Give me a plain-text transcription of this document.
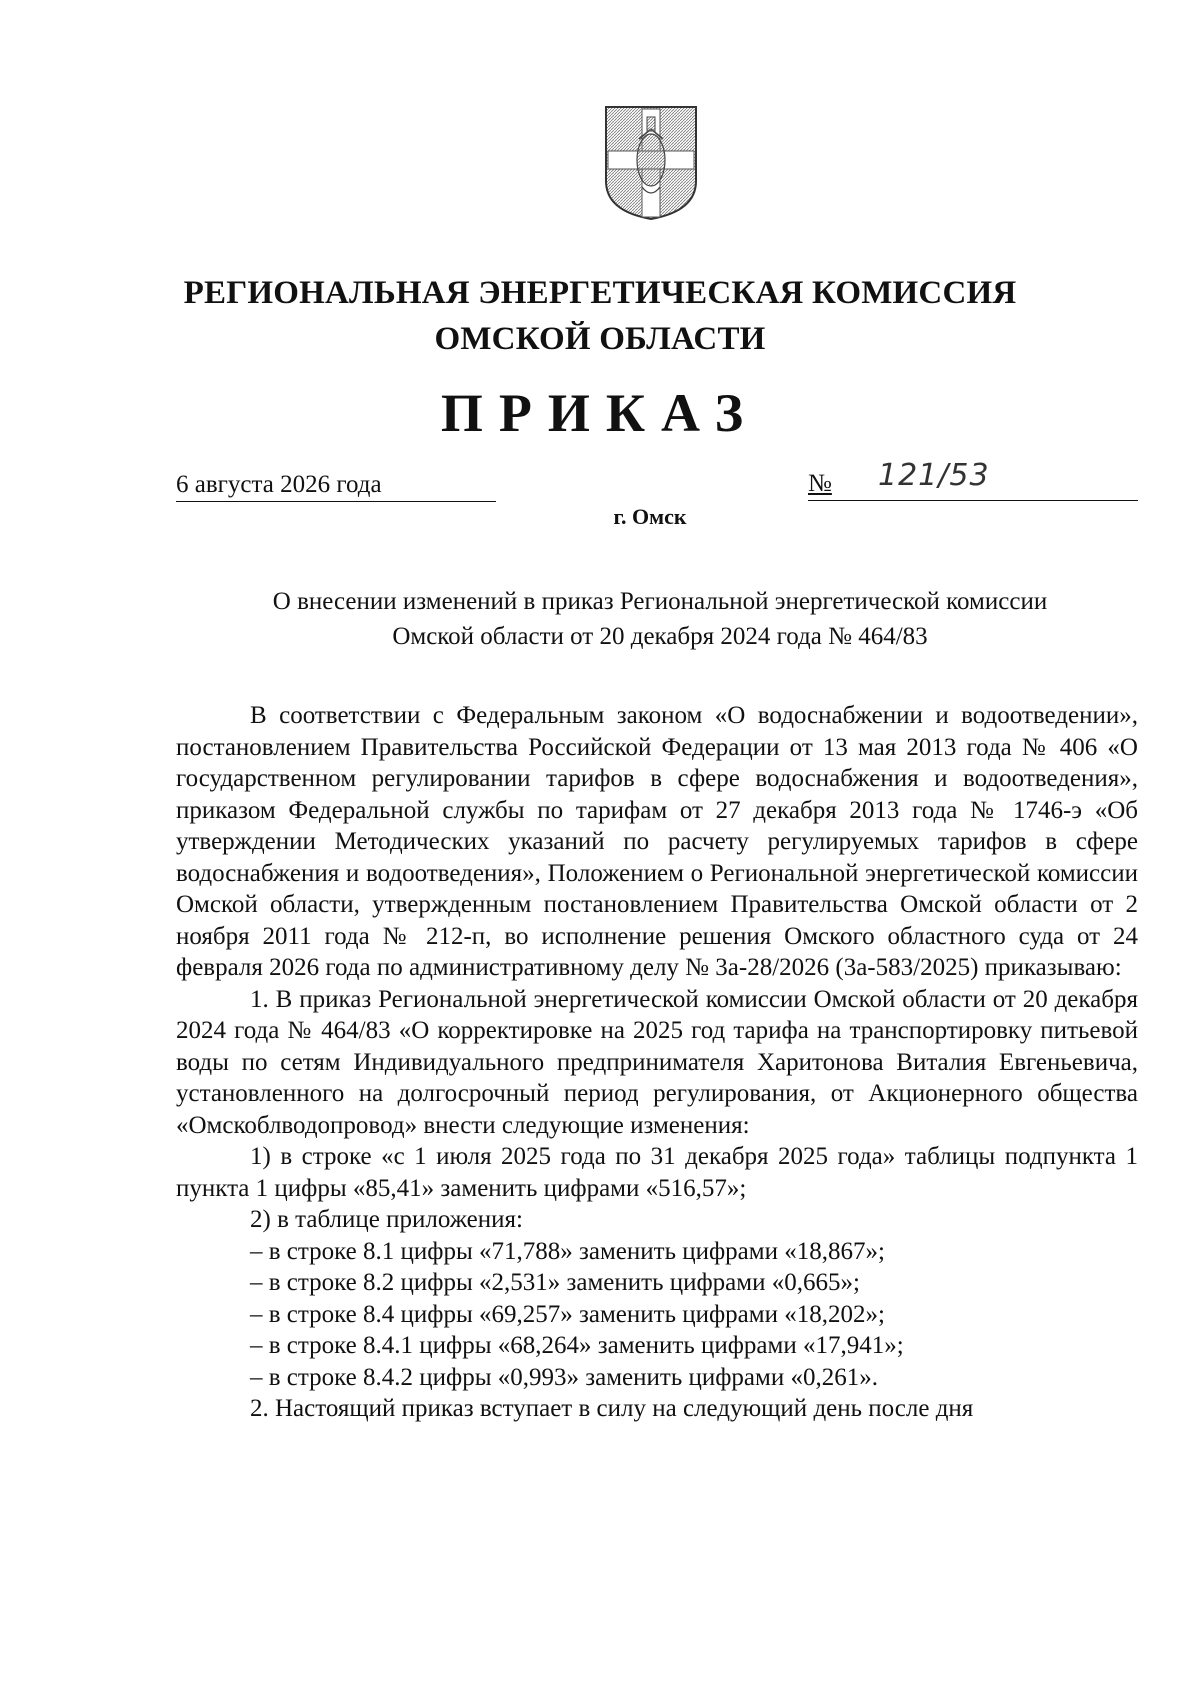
РЕГИОНАЛЬНАЯ ЭНЕРГЕТИЧЕСКАЯ КОМИССИЯ
ОМСКОЙ ОБЛАСТИ
ПРИКАЗ
6 августа 2026 года	№ 121/53
г. Омск
О внесении изменений в приказ Региональной энергетической комиссии
Омской области от 20 декабря 2024 года № 464/83

В соответствии с Федеральным законом «О водоснабжении и водоотведении», постановлением Правительства Российской Федерации от 13 мая 2013 года № 406 «О государственном регулировании тарифов в сфере водоснабжения и водоотведения», приказом Федеральной службы по тарифам от 27 декабря 2013 года № 1746-э «Об утверждении Методических указаний по расчету регулируемых тарифов в сфере водоснабжения и водоотведения», Положением о Региональной энергетической комиссии Омской области, утвержденным постановлением Правительства Омской области от 2 ноября 2011 года № 212-п, во исполнение решения Омского областного суда от 24 февраля 2026 года по административному делу № 3а-28/2026 (3а-583/2025) приказываю:

1. В приказ Региональной энергетической комиссии Омской области от 20 декабря 2024 года № 464/83 «О корректировке на 2025 год тарифа на транспортировку питьевой воды по сетям Индивидуального предпринимателя Харитонова Виталия Евгеньевича, установленного на долгосрочный период регулирования, от Акционерного общества «Омскоблводопровод» внести следующие изменения:

1) в строке «с 1 июля 2025 года по 31 декабря 2025 года» таблицы подпункта 1 пункта 1 цифры «85,41» заменить цифрами «516,57»;

2) в таблице приложения:

– в строке 8.1 цифры «71,788» заменить цифрами «18,867»;

– в строке 8.2 цифры «2,531» заменить цифрами «0,665»;

– в строке 8.4 цифры «69,257» заменить цифрами «18,202»;

– в строке 8.4.1 цифры «68,264» заменить цифрами «17,941»;

– в строке 8.4.2 цифры «0,993» заменить цифрами «0,261».

2. Настоящий приказ вступает в силу на следующий день после дня
